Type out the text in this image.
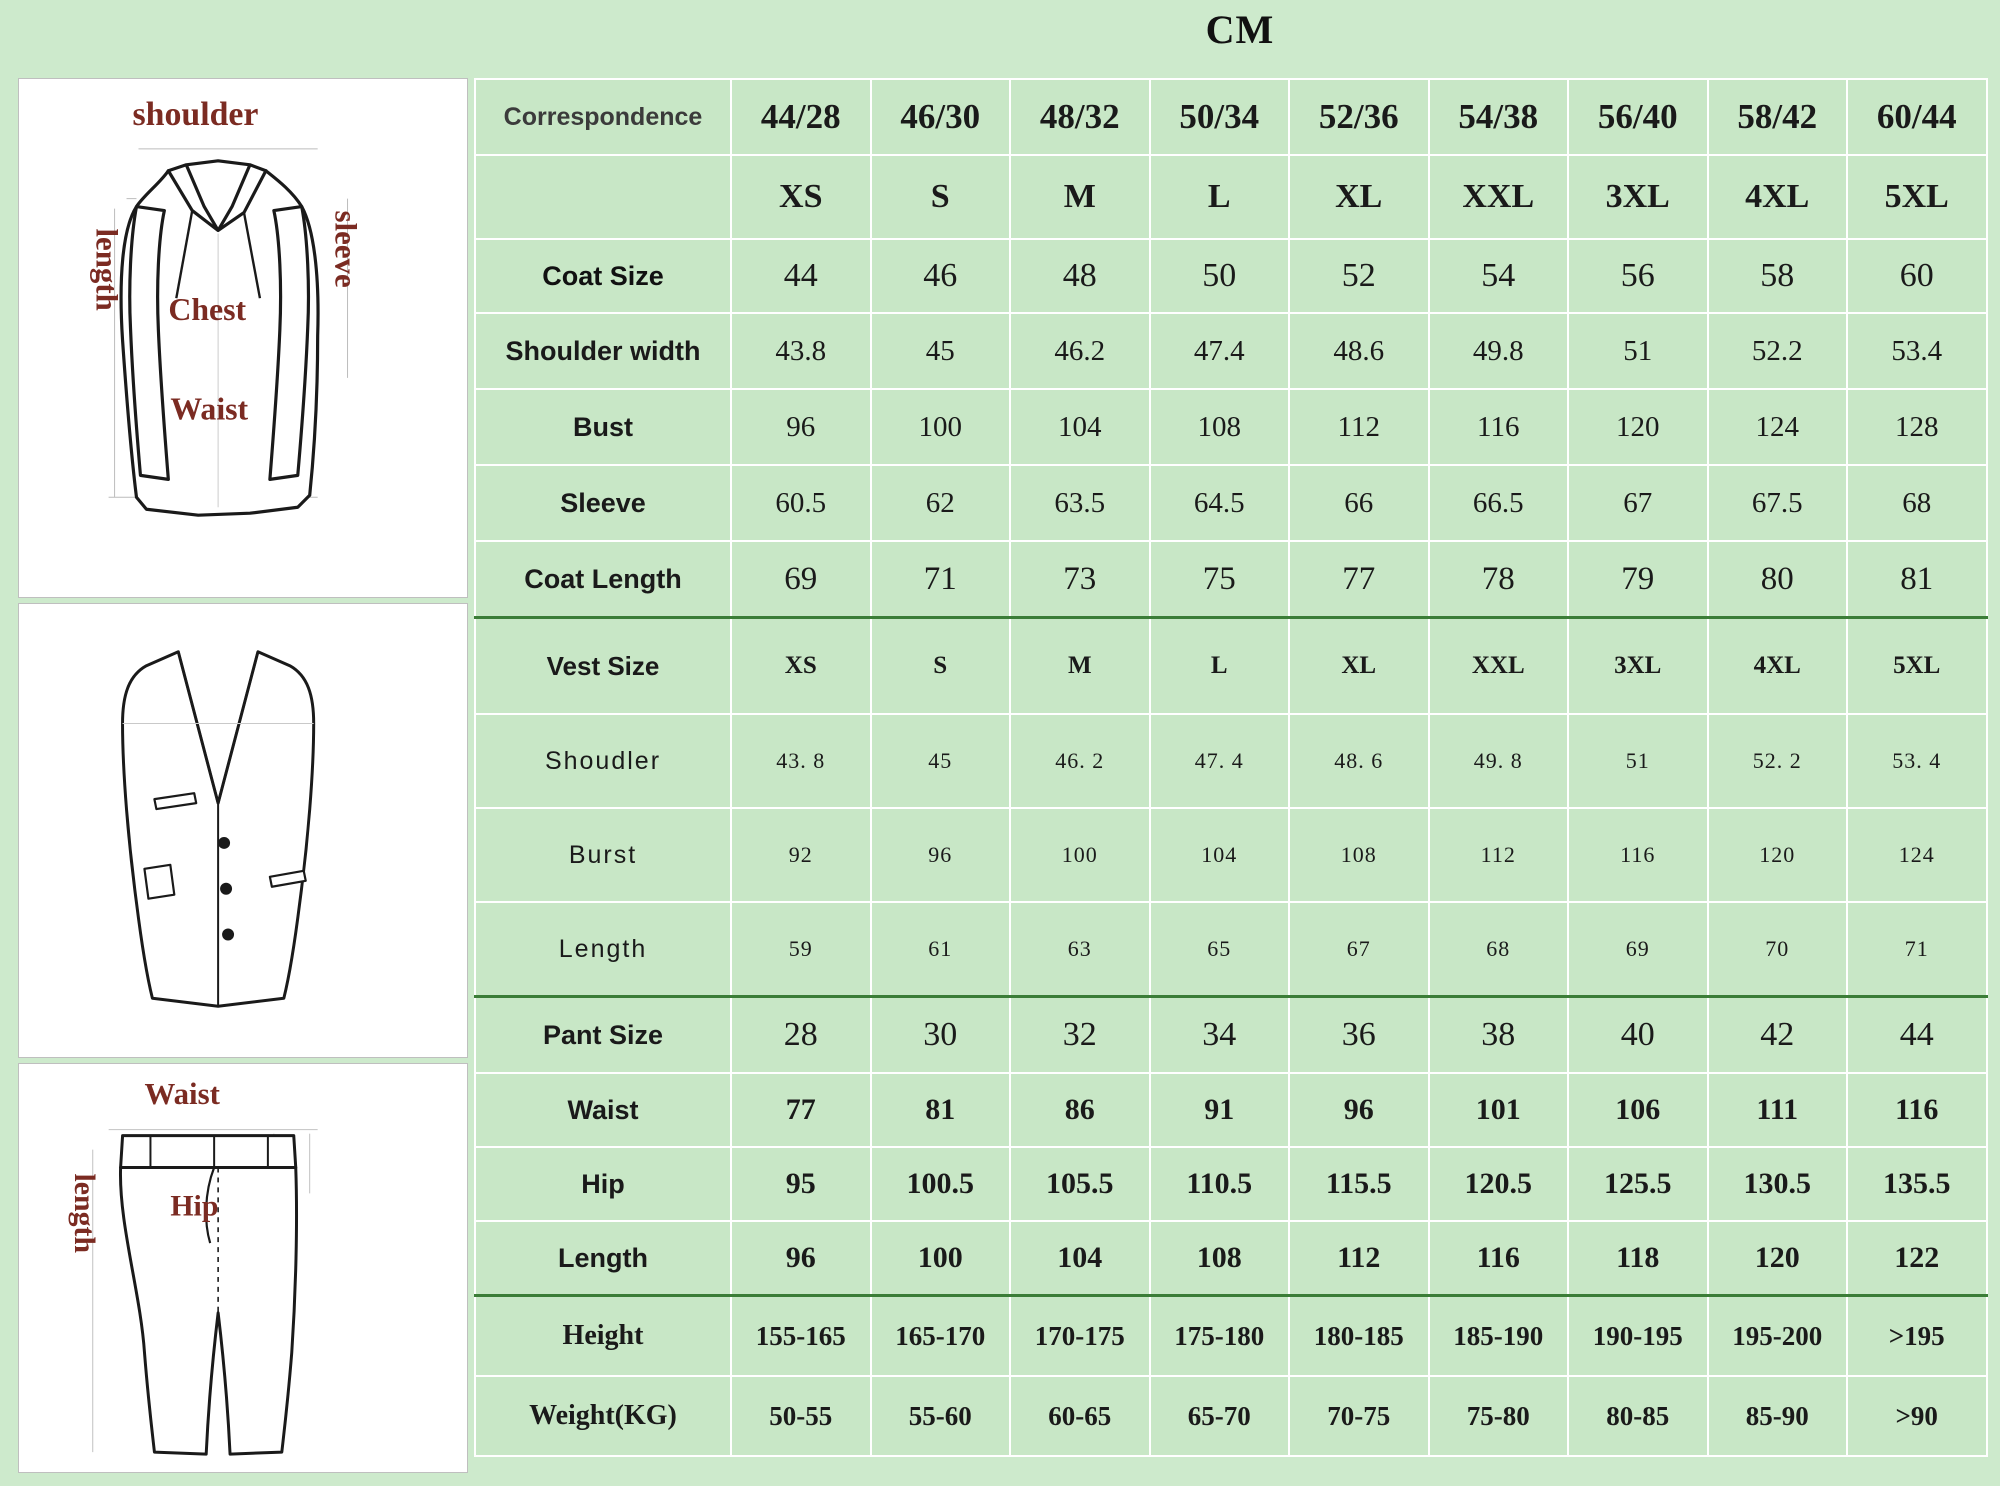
CM
shoulder
sleeve
length Chest
Waist
Waist
length Hip
Correspondence	44/28	46/30	48/32	50/34	52/36	54/38	56/40	58/42	60/44
	XS	S	M	L	XL	XXL	3XL	4XL	5XL
Coat Size	44	46	48	50	52	54	56	58	60
Shoulder width	43.8	45	46.2	47.4	48.6	49.8	51	52.2	53.4
Bust	96	100	104	108	112	116	120	124	128
Sleeve	60.5	62	63.5	64.5	66	66.5	67	67.5	68
Coat Length	69	71	73	75	77	78	79	80	81
Vest Size	XS	S	M	L	XL	XXL	3XL	4XL	5XL
Shoudler	43. 8	45	46. 2	47. 4	48. 6	49. 8	51	52. 2	53. 4
Burst	92	96	100	104	108	112	116	120	124
Length	59	61	63	65	67	68	69	70	71
Pant Size	28	30	32	34	36	38	40	42	44
Waist	77	81	86	91	96	101	106	111	116
Hip	95	100.5	105.5	110.5	115.5	120.5	125.5	130.5	135.5
Length	96	100	104	108	112	116	118	120	122
Height	155-165	165-170	170-175	175-180	180-185	185-190	190-195	195-200	>195
Weight(KG)	50-55	55-60	60-65	65-70	70-75	75-80	80-85	85-90	>90
